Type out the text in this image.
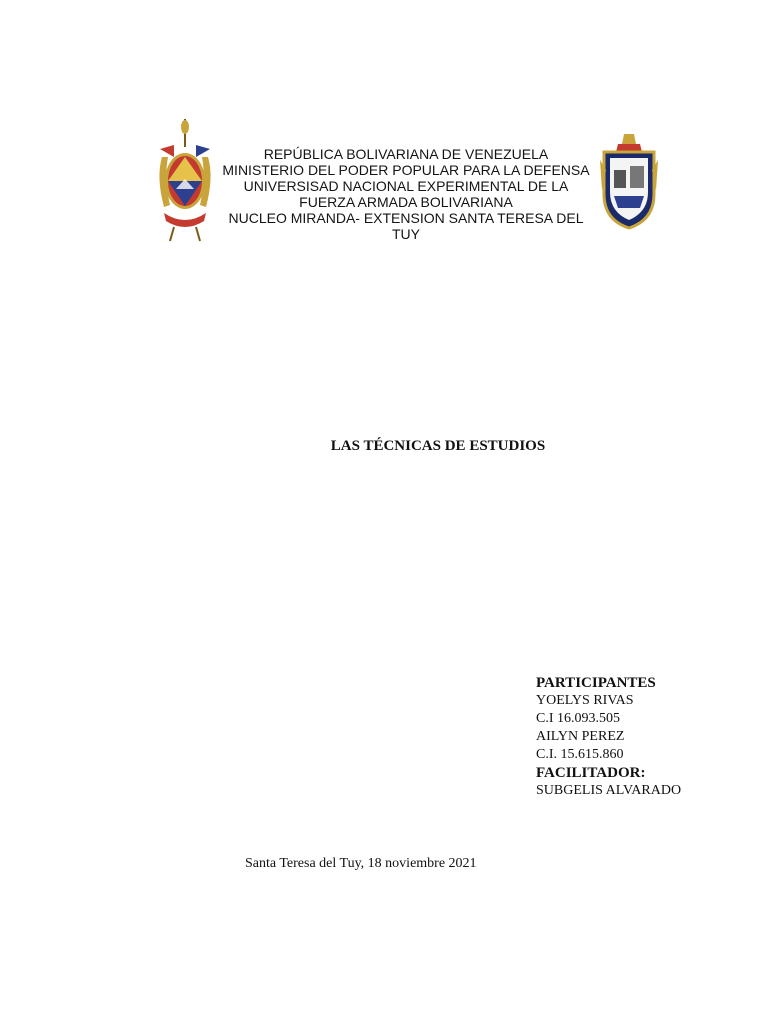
REPÚBLICA BOLIVARIANA DE VENEZUELA
MINISTERIO DEL PODER POPULAR PARA LA DEFENSA
UNIVERSISAD NACIONAL EXPERIMENTAL DE LA
FUERZA ARMADA BOLIVARIANA
NUCLEO MIRANDA- EXTENSION SANTA TERESA DEL
TUY
LAS TÉCNICAS DE ESTUDIOS
PARTICIPANTES
YOELYS RIVAS
C.I 16.093.505
AILYN PEREZ
C.I. 15.615.860
FACILITADOR:
SUBGELIS ALVARADO
Santa Teresa del Tuy, 18 noviembre 2021
